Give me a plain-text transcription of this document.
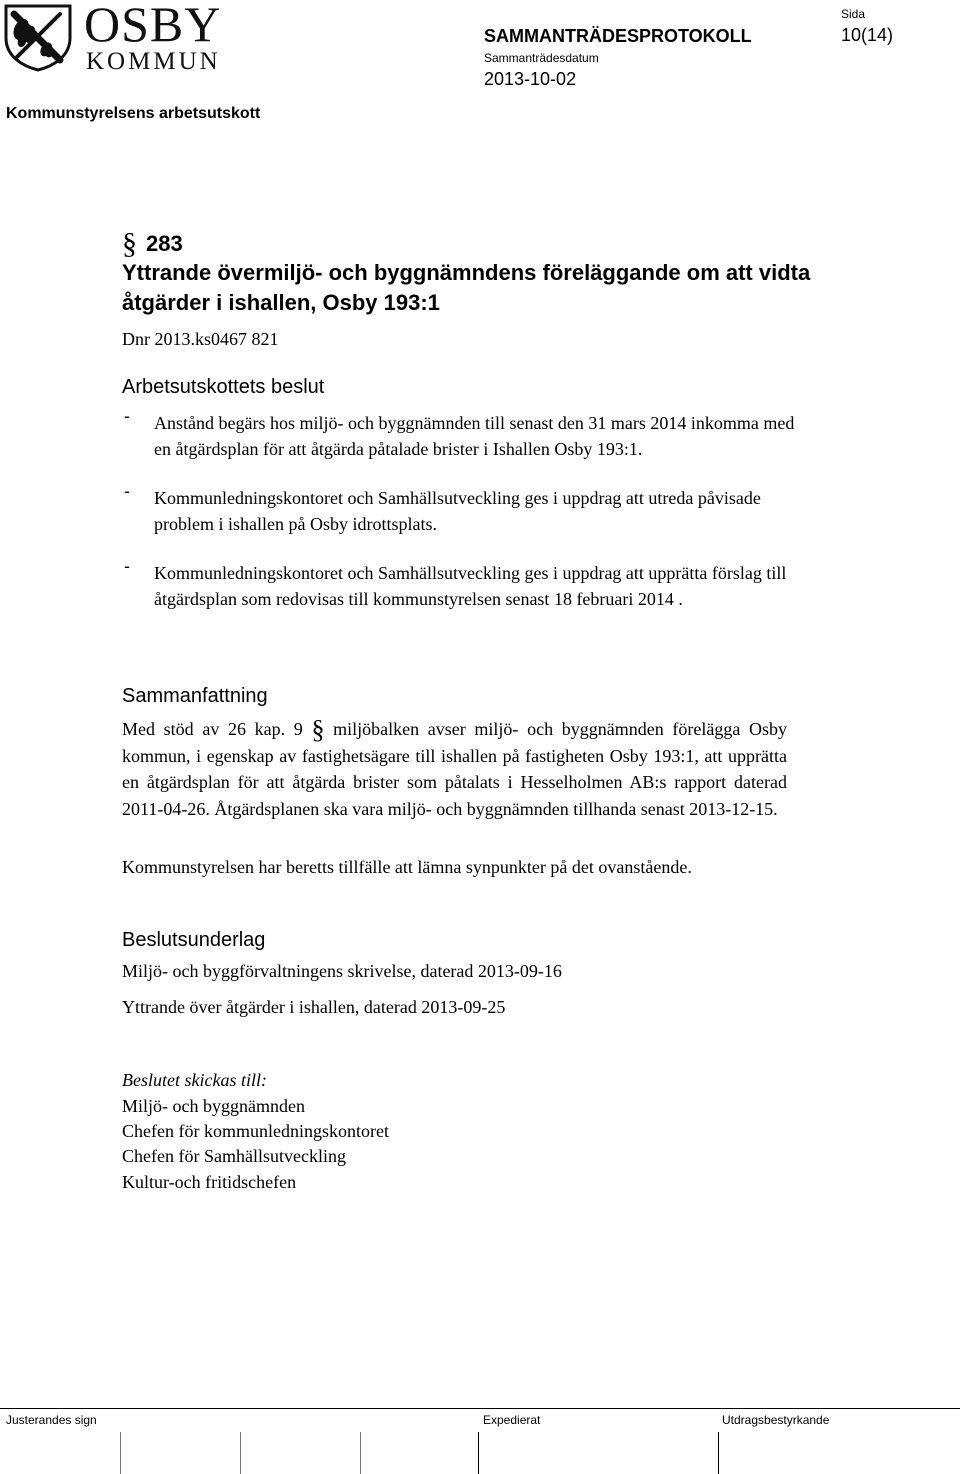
OSBY
KOMMUN
SAMMANTRÄDESPROTOKOLL
Sammanträdesdatum
2013-10-02
Sida
10(14)
Kommunstyrelsens arbetsutskott
§ 283
Yttrande övermiljö- och byggnämndens föreläggande om att vidta åtgärder i ishallen, Osby 193:1
Dnr 2013.ks0467 821
Arbetsutskottets beslut
- Anstånd begärs hos miljö- och byggnämnden till senast den 31 mars 2014 inkomma med en åtgärdsplan för att åtgärda påtalade brister i Ishallen Osby 193:1.
- Kommunledningskontoret och Samhällsutveckling ges i uppdrag att utreda påvisade problem i ishallen på Osby idrottsplats.
- Kommunledningskontoret och Samhällsutveckling ges i uppdrag att upprätta förslag till åtgärdsplan som redovisas till kommunstyrelsen senast 18 februari 2014 .
Sammanfattning

Med stöd av 26 kap. 9 § miljöbalken avser miljö- och byggnämnden förelägga Osby kommun, i egenskap av fastighetsägare till ishallen på fastigheten Osby 193:1, att upprätta en åtgärdsplan för att åtgärda brister som påtalats i Hesselholmen AB:s rapport daterad 2011-04-26. Åtgärdsplanen ska vara miljö- och byggnämnden tillhanda senast 2013-12-15.

Kommunstyrelsen har beretts tillfälle att lämna synpunkter på det ovanstående.

Beslutsunderlag

Miljö- och byggförvaltningens skrivelse, daterad 2013-09-16

Yttrande över åtgärder i ishallen, daterad 2013-09-25

Beslutet skickas till:

Miljö- och byggnämnden

Chefen för kommunledningskontoret

Chefen för Samhällsutveckling

Kultur-och fritidschefen

Justerandes sign	Expedierat	Utdragsbestyrkande
